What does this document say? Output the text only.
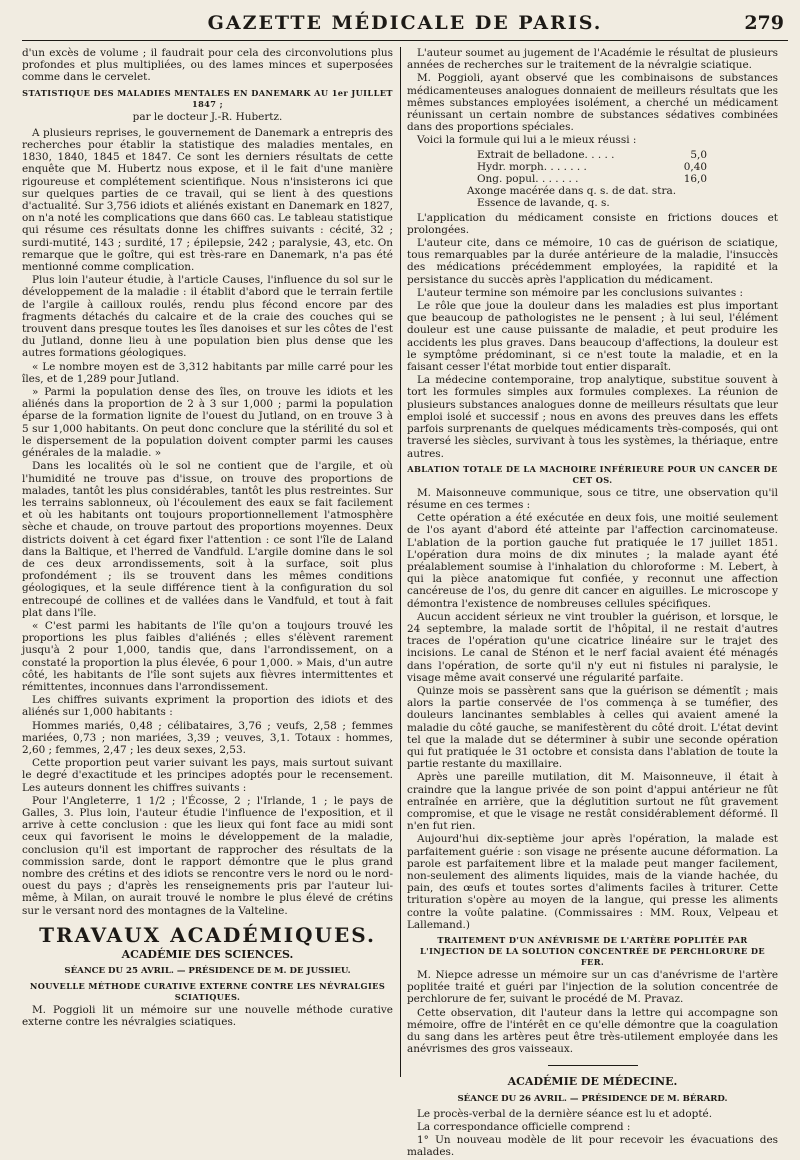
GAZETTE MÉDICALE DE PARIS.	279

d'un excès de volume ; il faudrait pour cela des circonvolutions plus profondes et plus multipliées, ou des lames minces et superposées comme dans le cervelet.

STATISTIQUE DES MALADIES MENTALES EN DANEMARK AU 1er JUILLET 1847 ;
par le docteur J.-R. Hubertz.

A plusieurs reprises, le gouvernement de Danemark a entrepris des recherches pour établir la statistique des maladies mentales, en 1830, 1840, 1845 et 1847. Ce sont les derniers résultats de cette enquête que M. Hubertz nous expose, et il le fait d'une manière rigoureuse et complétement scientifique. Nous n'insisterons ici que sur quelques parties de ce travail, qui se lient à des questions d'actualité. Sur 3,756 idiots et aliénés existant en Danemark en 1827, on n'a noté les complications que dans 660 cas. Le tableau statistique qui résume ces résultats donne les chiffres suivants : cécité, 32 ; surdi-mutité, 143 ; surdité, 17 ; épilepsie, 242 ; paralysie, 43, etc. On remarque que le goître, qui est très-rare en Danemark, n'a pas été mentionné comme complication.

Plus loin l'auteur étudie, à l'article Causes, l'influence du sol sur le développement de la maladie : il établit d'abord que le terrain fertile de l'argile à cailloux roulés, rendu plus fécond encore par des fragments détachés du calcaire et de la craie des couches qui se trouvent dans presque toutes les îles danoises et sur les côtes de l'est du Jutland, donne lieu à une population bien plus dense que les autres formations géologiques.

« Le nombre moyen est de 3,312 habitants par mille carré pour les îles, et de 1,289 pour Jutland.

» Parmi la population dense des îles, on trouve les idiots et les aliénés dans la proportion de 2 à 3 sur 1,000 ; parmi la population éparse de la formation lignite de l'ouest du Jutland, on en trouve 3 à 5 sur 1,000 habitants. On peut donc conclure que la stérilité du sol et le dispersement de la population doivent compter parmi les causes générales de la maladie. »

Dans les localités où le sol ne contient que de l'argile, et où l'humidité ne trouve pas d'issue, on trouve des proportions de malades, tantôt les plus considérables, tantôt les plus restreintes. Sur les terrains sablonneux, où l'écoulement des eaux se fait facilement et où les habitants ont toujours proportionnellement l'atmosphère sèche et chaude, on trouve partout des proportions moyennes. Deux districts doivent à cet égard fixer l'attention : ce sont l'île de Laland dans la Baltique, et l'herred de Vandfuld. L'argile domine dans le sol de ces deux arrondissements, soit à la surface, soit plus profondément ; ils se trouvent dans les mêmes conditions géologiques, et la seule différence tient à la configuration du sol entrecoupé de collines et de vallées dans le Vandfuld, et tout à fait plat dans l'île.

« C'est parmi les habitants de l'île qu'on a toujours trouvé les proportions les plus faibles d'aliénés ; elles s'élèvent rarement jusqu'à 2 pour 1,000, tandis que, dans l'arrondissement, on a constaté la proportion la plus élevée, 6 pour 1,000. » Mais, d'un autre côté, les habitants de l'île sont sujets aux fièvres intermittentes et rémittentes, inconnues dans l'arrondissement.

Les chiffres suivants expriment la proportion des idiots et des aliénés sur 1,000 habitants :

Hommes mariés, 0,48 ; célibataires, 3,76 ; veufs, 2,58 ; femmes mariées, 0,73 ; non mariées, 3,39 ; veuves, 3,1. Totaux : hommes, 2,60 ; femmes, 2,47 ; les deux sexes, 2,53.

Cette proportion peut varier suivant les pays, mais surtout suivant le degré d'exactitude et les principes adoptés pour le recensement. Les auteurs donnent les chiffres suivants :

Pour l'Angleterre, 1 1/2 ; l'Écosse, 2 ; l'Irlande, 1 ; le pays de Galles, 3. Plus loin, l'auteur étudie l'influence de l'exposition, et il arrive à cette conclusion : que les lieux qui font face au midi sont ceux qui favorisent le moins le développement de la maladie, conclusion qu'il est important de rapprocher des résultats de la commission sarde, dont le rapport démontre que le plus grand nombre des crétins et des idiots se rencontre vers le nord ou le nord-ouest du pays ; d'après les renseignements pris par l'auteur lui-même, à Milan, on aurait trouvé le nombre le plus élevé de crétins sur le versant nord des montagnes de la Valteline.

TRAVAUX ACADÉMIQUES.
ACADÉMIE DES SCIENCES.
SÉANCE DU 25 AVRIL. — PRÉSIDENCE DE M. DE JUSSIEU.
NOUVELLE MÉTHODE CURATIVE EXTERNE CONTRE LES NÉVRALGIES SCIATIQUES.

M. Poggioli lit un mémoire sur une nouvelle méthode curative externe contre les névralgies sciatiques.

L'auteur soumet au jugement de l'Académie le résultat de plusieurs années de recherches sur le traitement de la névralgie sciatique.

M. Poggioli, ayant observé que les combinaisons de substances médicamenteuses analogues donnaient de meilleurs résultats que les mêmes substances employées isolément, a cherché un médicament réunissant un certain nombre de substances sédatives combinées dans des proportions spéciales.

Voici la formule qui lui a le mieux réussi :

Extrait de belladone. . . . .	5,0
Hydr. morph. . . . . . .	0,40
Ong. popul. . . . . . .	16,0
Axonge macérée dans q. s. de dat. stra.
Essence de lavande, q. s.

L'application du médicament consiste en frictions douces et prolongées.

L'auteur cite, dans ce mémoire, 10 cas de guérison de sciatique, tous remarquables par la durée antérieure de la maladie, l'insuccès des médications précédemment employées, la rapidité et la persistance du succès après l'application du médicament.

L'auteur termine son mémoire par les conclusions suivantes :

Le rôle que joue la douleur dans les maladies est plus important que beaucoup de pathologistes ne le pensent ; à lui seul, l'élément douleur est une cause puissante de maladie, et peut produire les accidents les plus graves. Dans beaucoup d'affections, la douleur est le symptôme prédominant, si ce n'est toute la maladie, et en la faisant cesser l'état morbide tout entier disparaît.

La médecine contemporaine, trop analytique, substitue souvent à tort les formules simples aux formules complexes. La réunion de plusieurs substances analogues donne de meilleurs résultats que leur emploi isolé et successif ; nous en avons des preuves dans les effets parfois surprenants de quelques médicaments très-composés, qui ont traversé les siècles, survivant à tous les systèmes, la thériaque, entre autres.

ABLATION TOTALE DE LA MACHOIRE INFÉRIEURE POUR UN CANCER DE CET OS.

M. Maisonneuve communique, sous ce titre, une observation qu'il résume en ces termes :

Cette opération a été exécutée en deux fois, une moitié seulement de l'os ayant d'abord été atteinte par l'affection carcinomateuse. L'ablation de la portion gauche fut pratiquée le 17 juillet 1851. L'opération dura moins de dix minutes ; la malade ayant été préalablement soumise à l'inhalation du chloroforme : M. Lebert, à qui la pièce anatomique fut confiée, y reconnut une affection cancéreuse de l'os, du genre dit cancer en aiguilles. Le microscope y démontra l'existence de nombreuses cellules spécifiques.

Aucun accident sérieux ne vint troubler la guérison, et lorsque, le 24 septembre, la malade sortit de l'hôpital, il ne restait d'autres traces de l'opération qu'une cicatrice linéaire sur le trajet des incisions. Le canal de Sténon et le nerf facial avaient été ménagés dans l'opération, de sorte qu'il n'y eut ni fistules ni paralysie, le visage même avait conservé une régularité parfaite.

Quinze mois se passèrent sans que la guérison se démentît ; mais alors la partie conservée de l'os commença à se tuméfier, des douleurs lancinantes semblables à celles qui avaient amené la maladie du côté gauche, se manifestèrent du côté droit. L'état devint tel que la malade dut se déterminer à subir une seconde opération qui fut pratiquée le 31 octobre et consista dans l'ablation de toute la partie restante du maxillaire.

Après une pareille mutilation, dit M. Maisonneuve, il était à craindre que la langue privée de son point d'appui antérieur ne fût entraînée en arrière, que la déglutition surtout ne fût gravement compromise, et que le visage ne restât considérablement déformé. Il n'en fut rien.

Aujourd'hui dix-septième jour après l'opération, la malade est parfaitement guérie : son visage ne présente aucune déformation. La parole est parfaitement libre et la malade peut manger facilement, non-seulement des aliments liquides, mais de la viande hachée, du pain, des œufs et toutes sortes d'aliments faciles à triturer. Cette trituration s'opère au moyen de la langue, qui presse les aliments contre la voûte palatine. (Commissaires : MM. Roux, Velpeau et Lallemand.)

TRAITEMENT D'UN ANÉVRISME DE L'ARTÈRE POPLITÉE PAR L'INJECTION DE LA SOLUTION CONCENTRÉE DE PERCHLORURE DE FER.

M. Niepce adresse un mémoire sur un cas d'anévrisme de l'artère poplitée traité et guéri par l'injection de la solution concentrée de perchlorure de fer, suivant le procédé de M. Pravaz.

Cette observation, dit l'auteur dans la lettre qui accompagne son mémoire, offre de l'intérêt en ce qu'elle démontre que la coagulation du sang dans les artères peut être très-utilement employée dans les anévrismes des gros vaisseaux.

ACADÉMIE DE MÉDECINE.
SÉANCE DU 26 AVRIL. — PRÉSIDENCE DE M. BÉRARD.

Le procès-verbal de la dernière séance est lu et adopté.

La correspondance officielle comprend :

1° Un nouveau modèle de lit pour recevoir les évacuations des malades.
